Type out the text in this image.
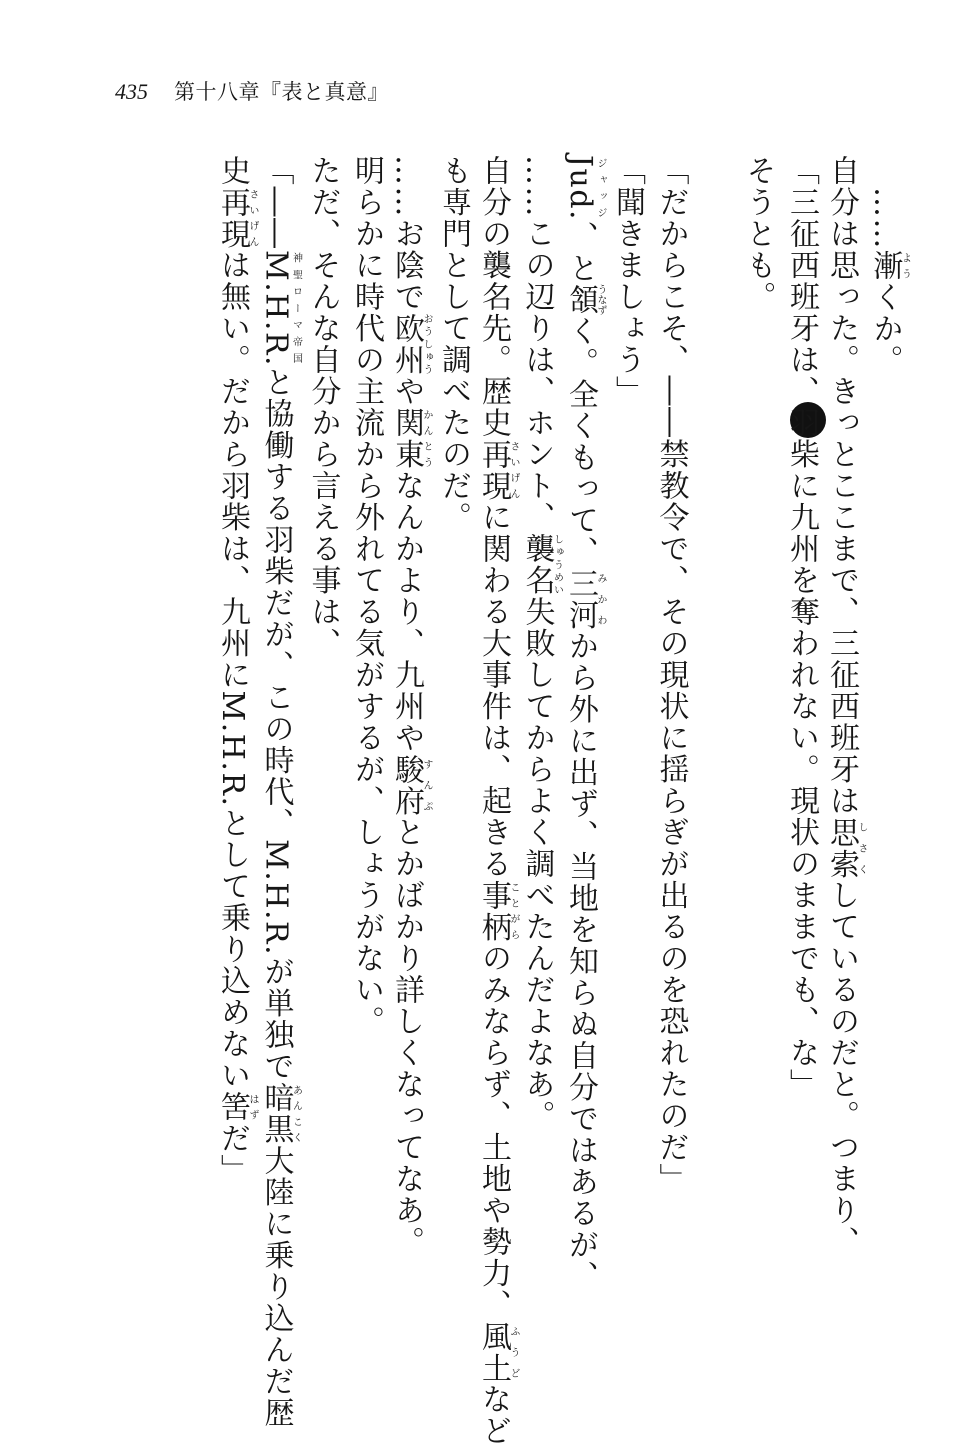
435 第十八章『表と真意』
……漸ようくか。
自分は思った。きっとここまで、三征西班牙は思索しさくしているのだと。つまり、
「三征西班牙は、羽柴に九州を奪われない。現状のままでも、な」
そうとも。
「だからこそ、――禁教令で、その現状に揺らぎが出るのを恐れたのだ」
「聞きましょう」
Jud.ジャッジ、と頷うなずく。全くもって、三河みかわから外に出ず、当地を知らぬ自分ではあるが、
……この辺りは、ホント、襲名しゅうめい失敗してからよく調べたんだよなあ。
自分の襲名先。歴史再現さいげんに関わる大事件は、起きる事柄ことがらのみならず、土地や勢力、風土ふうどなど
も専門として調べたのだ。
……お陰で欧州おうしゅうや関東かんとうなんかより、九州や駿府すんぷとかばかり詳しくなってなあ。
明らかに時代の主流から外れてる気がするが、しょうがない。
ただ、そんな自分から言える事は、
「――M.H.R.神聖ローマ帝国と協働する羽柴だが、この時代、M.H.R.が単独で暗黒あんこく大陸に乗り込んだ歴
史再現さいげんは無い。だから羽柴は、九州にM.H.R.として乗り込めない筈はずだ」
